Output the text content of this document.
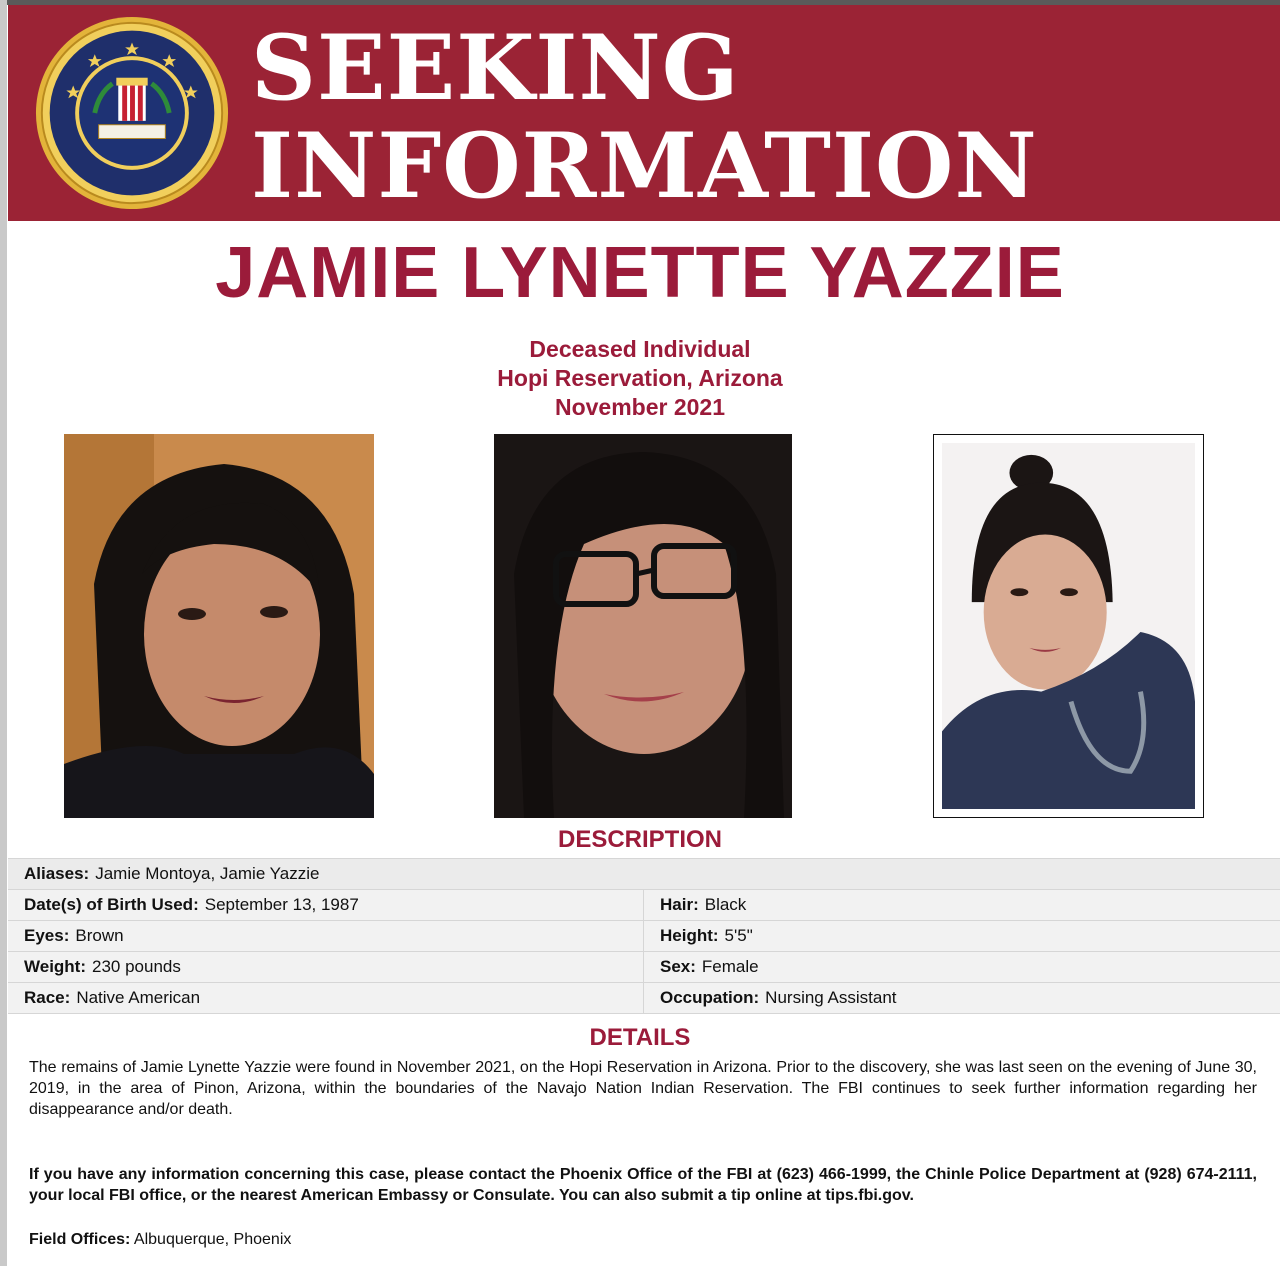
SEEKING
INFORMATION
JAMIE LYNETTE YAZZIE
Deceased Individual
Hopi Reservation, Arizona
November 2021
DESCRIPTION
Aliases: Jamie Montoya, Jamie Yazzie
Date(s) of Birth Used: September 13, 1987	Hair: Black
Eyes: Brown	Height: 5'5"
Weight: 230 pounds	Sex: Female
Race: Native American	Occupation: Nursing Assistant
DETAILS
The remains of Jamie Lynette Yazzie were found in November 2021, on the Hopi Reservation in Arizona. Prior to the discovery, she was last seen on the evening of June 30, 2019, in the area of Pinon, Arizona, within the boundaries of the Navajo Nation Indian Reservation. The FBI continues to seek further information regarding her disappearance and/or death.
If you have any information concerning this case, please contact the Phoenix Office of the FBI at (623) 466-1999, the Chinle Police Department at (928) 674-2111, your local FBI office, or the nearest American Embassy or Consulate. You can also submit a tip online at tips.fbi.gov.
Field Offices: Albuquerque, Phoenix
